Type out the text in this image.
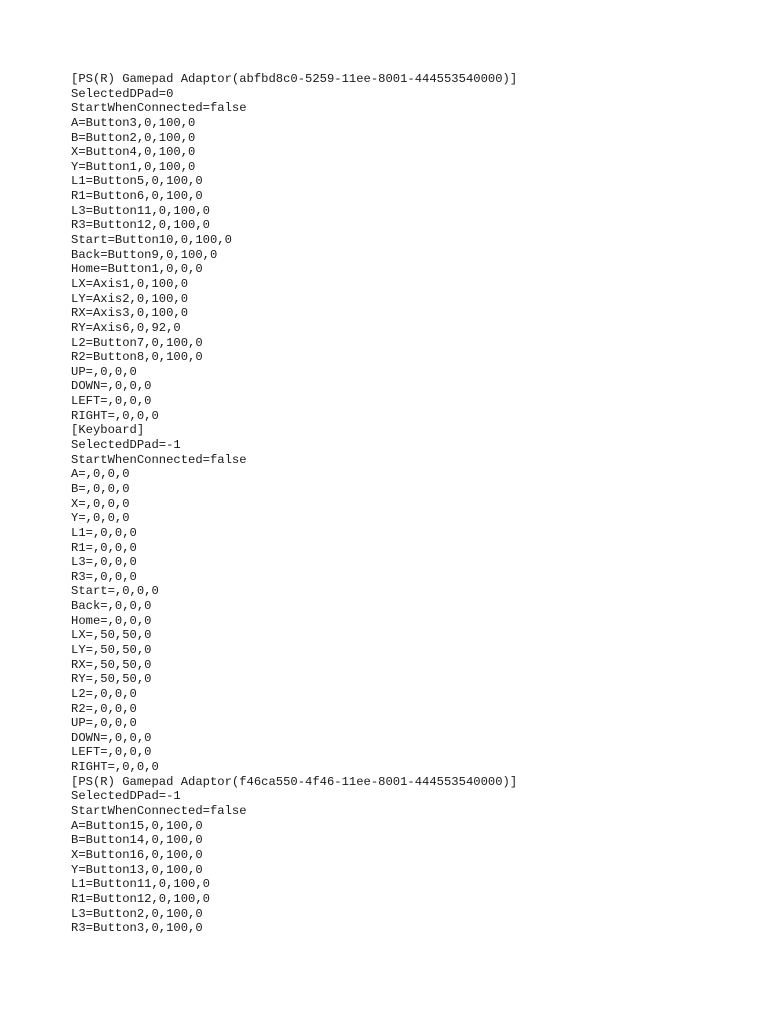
[PS(R) Gamepad Adaptor(abfbd8c0-5259-11ee-8001-444553540000)]
SelectedDPad=0
StartWhenConnected=false
A=Button3,0,100,0
B=Button2,0,100,0
X=Button4,0,100,0
Y=Button1,0,100,0
L1=Button5,0,100,0
R1=Button6,0,100,0
L3=Button11,0,100,0
R3=Button12,0,100,0
Start=Button10,0,100,0
Back=Button9,0,100,0
Home=Button1,0,0,0
LX=Axis1,0,100,0
LY=Axis2,0,100,0
RX=Axis3,0,100,0
RY=Axis6,0,92,0
L2=Button7,0,100,0
R2=Button8,0,100,0
UP=,0,0,0
DOWN=,0,0,0
LEFT=,0,0,0
RIGHT=,0,0,0
[Keyboard]
SelectedDPad=-1
StartWhenConnected=false
A=,0,0,0
B=,0,0,0
X=,0,0,0
Y=,0,0,0
L1=,0,0,0
R1=,0,0,0
L3=,0,0,0
R3=,0,0,0
Start=,0,0,0
Back=,0,0,0
Home=,0,0,0
LX=,50,50,0
LY=,50,50,0
RX=,50,50,0
RY=,50,50,0
L2=,0,0,0
R2=,0,0,0
UP=,0,0,0
DOWN=,0,0,0
LEFT=,0,0,0
RIGHT=,0,0,0
[PS(R) Gamepad Adaptor(f46ca550-4f46-11ee-8001-444553540000)]
SelectedDPad=-1
StartWhenConnected=false
A=Button15,0,100,0
B=Button14,0,100,0
X=Button16,0,100,0
Y=Button13,0,100,0
L1=Button11,0,100,0
R1=Button12,0,100,0
L3=Button2,0,100,0
R3=Button3,0,100,0
